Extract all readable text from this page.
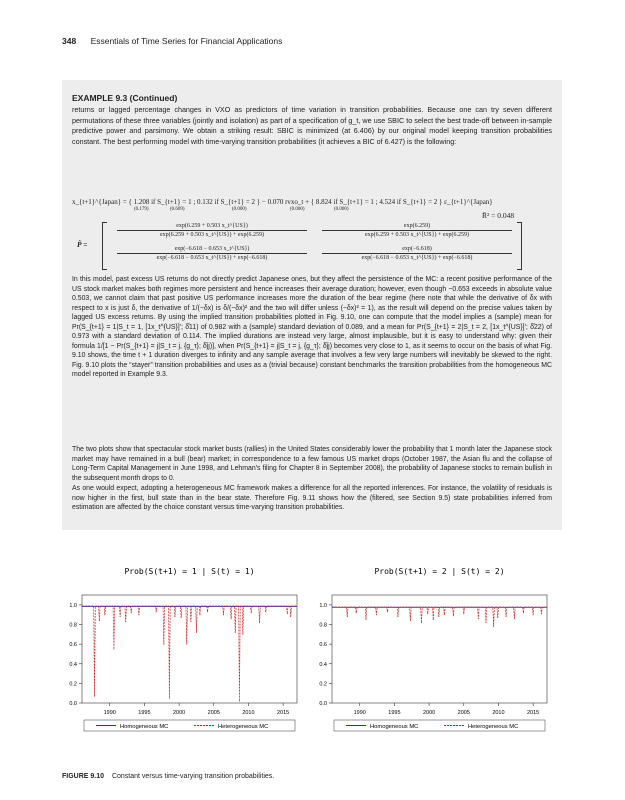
348 Essentials of Time Series for Financial Applications
EXAMPLE 9.3 (Continued)
returns or lagged percentage changes in VXO as predictors of time variation in transition probabilities. Because one can try seven different permutations of these three variables (jointly and isolation) as part of a specification of g_t, we use SBIC to select the best trade-off between in-sample predictive power and parsimony. We obtain a striking result: SBIC is minimized (at 6.406) by our original model keeping transition probabilities constant. The best performing model with time-varying transition probabilities (it achieves a BIC of 6.427) is the following:
x_{t+1}^{Japan} = { 1.208 if S_{t+1} = 1 ; 0.132 if S_{t+1} = 2 } − 0.070 rvxo_t + { 8.824 if S_{t+1} = 1 ; 4.524 if S_{t+1} = 2 } ε_{t+1}^{Japan}
(0.179)	(0.609)	(0.000)	(0.000)	(0.000)
R̄² = 0.048
P̂ =
$\frac{\exp(6.259 + 0.503 x\_t\^{}\{US\})}{\exp(6.259 + 0.503 x\_t\^{}\{US\}) + \exp(6.259)}$	$\frac{\exp(6.259)}{\exp(6.259 + 0.503 x\_t\^{}\{US\}) + \exp(6.259)}$
$\frac{\exp(-6.618 - 0.653 x\_t\^{}\{US\})}{\exp(-6.618 - 0.653 x\_t\^{}\{US\}) + \exp(-6.618)}$	$\frac{\exp(-6.618)}{\exp(-6.618 - 0.653 x\_t\^{}\{US\}) + \exp(-6.618)}$
In this model, past excess US returns do not directly predict Japanese ones, but they affect the persistence of the MC: a recent positive performance of the US stock market makes both regimes more persistent and hence increases their average duration; however, even though −0.653 exceeds in absolute value 0.503, we cannot claim that past positive US performance increases more the duration of the bear regime (here note that while the derivative of δx with respect to x is just δ, the derivative of 1/(−δx) is δ/(−δx)² and the two will differ unless (−δx)² = 1), as the result will depend on the precise values taken by lagged US excess returns. By using the implied transition probabilities plotted in Fig. 9.10, one can compute that the model implies a (sample) mean for Pr(S_{t+1} = 1|S_t = 1, [1x_t^{US}]'; δ̂11) of 0.982 with a (sample) standard deviation of 0.089, and a mean for Pr(S_{t+1} = 2|S_t = 2, [1x_t^{US}]'; δ̂22) of 0.973 with a standard deviation of 0.114. The implied durations are instead very large, almost implausible, but it is easy to understand why: given their formula 1/[1 − Pr(S_{t+1} = j|S_t = j, {g_τ}; δ̂jj)], when Pr(S_{t+1} = j|S_t = j, {g_τ}; δ̂jj) becomes very close to 1, as it seems to occur on the basis of what Fig. 9.10 shows, the time t + 1 duration diverges to infinity and any sample average that involves a few very large numbers will inevitably be skewed to the right. Fig. 9.10 plots the “stayer” transition probabilities and uses as a (trivial because) constant benchmarks the transition probabilities from the homogeneous MC model reported in Example 9.3.
The two plots show that spectacular stock market busts (rallies) in the United States considerably lower the probability that 1 month later the Japanese stock market may have remained in a bull (bear) market; in correspondence to a few famous US market drops (October 1987, the Asian flu and the collapse of Long-Term Capital Management in June 1998, and Lehman's filing for Chapter 8 in September 2008), the probability of Japanese stocks to remain bullish in the subsequent month drops to 0.
As one would expect, adopting a heterogeneous MC framework makes a difference for all the reported inferences. For instance, the volatility of residuals is now higher in the first, bull state than in the bear state. Therefore Fig. 9.11 shows how the (filtered, see Section 9.5) state probabilities inferred from estimation are affected by the choice constant versus time-varying transition probabilities.
Prob(S(t+1) = 1 | S(t) = 1)
0.0
0.2
0.4
0.6
0.8
1.0
1990	1995	2000	2005	2010	2015
Homogeneous MC	Heterogeneous MC
Prob(S(t+1) = 2 | S(t) = 2)
0.0
0.2
0.4
0.6
0.8
1.0
1990	1995	2000	2005	2010	2015
Homogeneous MC	Heterogeneous MC
FIGURE 9.10 Constant versus time-varying transition probabilities.
